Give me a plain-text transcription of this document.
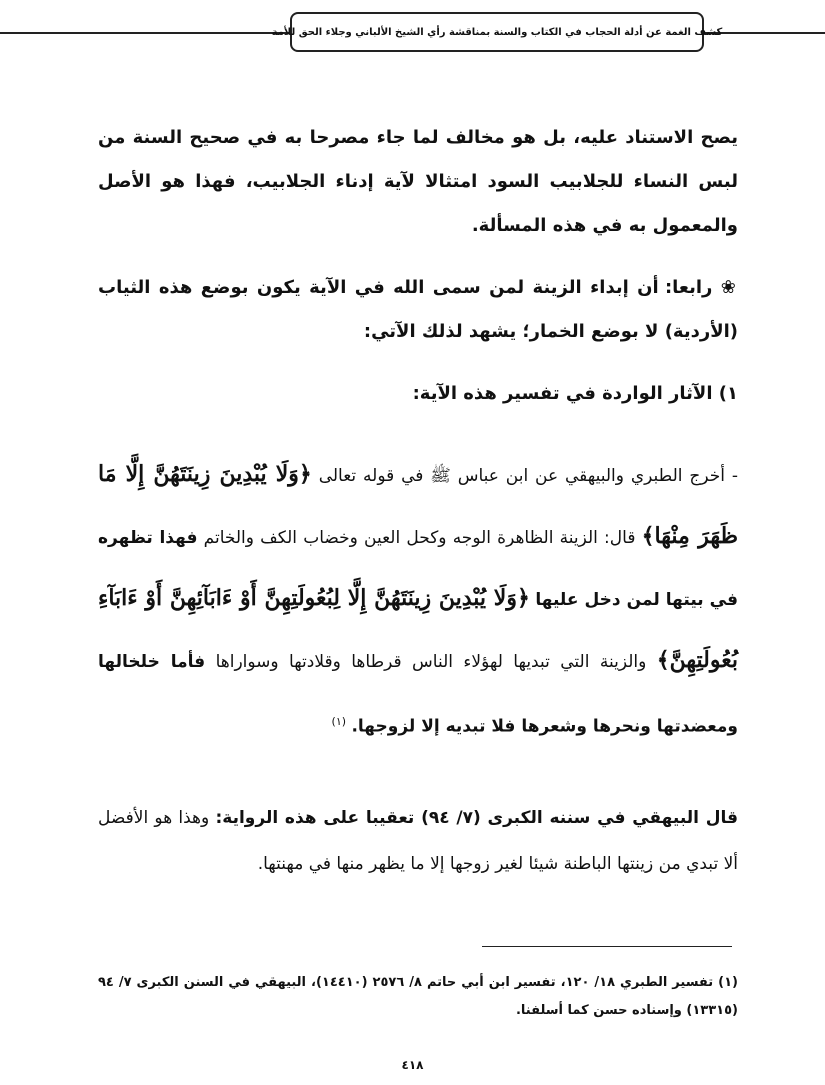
كشف الغمة عن أدلة الحجاب في الكتاب والسنة بمناقشة رأي الشيخ الألباني وجلاء الحق للأمة

يصح الاستناد عليه، بل هو مخالف لما جاء مصرحا به في صحيح السنة من لبس النساء للجلابيب السود امتثالا لآية إدناء الجلابيب، فهذا هو الأصل والمعمول به في هذه المسألة.

❀ رابعا: أن إبداء الزينة لمن سمى الله في الآية يكون بوضع هذه الثياب (الأردية) لا بوضع الخمار؛ يشهد لذلك الآتي:

١) الآثار الواردة في تفسير هذه الآية:

- أخرج الطبري والبيهقي عن ابن عباس ﷺ في قوله تعالى ﴿وَلَا يُبْدِينَ زِينَتَهُنَّ إِلَّا مَا ظَهَرَ مِنْهَا﴾ قال: الزينة الظاهرة الوجه وكحل العين وخضاب الكف والخاتم فهذا تظهره في بيتها لمن دخل عليها ﴿وَلَا يُبْدِينَ زِينَتَهُنَّ إِلَّا لِبُعُولَتِهِنَّ أَوْ ءَابَآئِهِنَّ أَوْ ءَابَآءِ بُعُولَتِهِنَّ﴾ والزينة التي تبديها لهؤلاء الناس قرطاها وقلادتها وسواراها فأما خلخالها ومعضدتها ونحرها وشعرها فلا تبديه إلا لزوجها. $^{(١)}$

قال البيهقي في سننه الكبرى (٧/ ٩٤) تعقيبا على هذه الرواية: وهذا هو الأفضل ألا تبدي من زينتها الباطنة شيئا لغير زوجها إلا ما يظهر منها في مهنتها.

(١) تفسير الطبري ١٨/ ١٢٠، تفسير ابن أبي حاتم ٨/ ٢٥٧٦ (١٤٤١٠)، البيهقي في السنن الكبرى ٧/ ٩٤ (١٣٣١٥) وإسناده حسن كما أسلفنا.

٤١٨
